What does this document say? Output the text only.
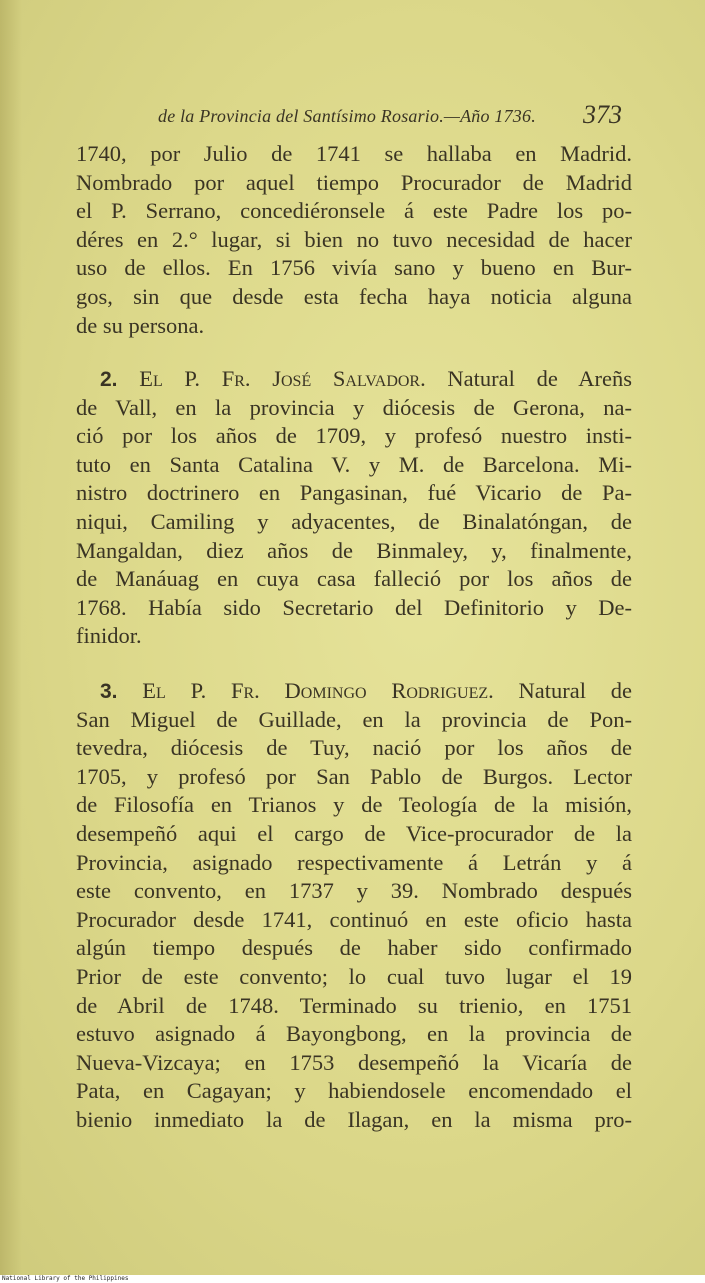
de la Provincia del Santísimo Rosario.—Año 1736. 373
1740, por Julio de 1741 se hallaba en Madrid.
Nombrado por aquel tiempo Procurador de Madrid
el P. Serrano, concediéronsele á este Padre los po-
déres en 2.° lugar, si bien no tuvo necesidad de hacer
uso de ellos. En 1756 vivía sano y bueno en Bur-
gos, sin que desde esta fecha haya noticia alguna
de su persona.
2. El P. Fr. José Salvador. Natural de Areñs
de Vall, en la provincia y diócesis de Gerona, na-
ció por los años de 1709, y profesó nuestro insti-
tuto en Santa Catalina V. y M. de Barcelona. Mi-
nistro doctrinero en Pangasinan, fué Vicario de Pa-
niqui, Camiling y adyacentes, de Binalatóngan, de
Mangaldan, diez años de Binmaley, y, finalmente,
de Manáuag en cuya casa falleció por los años de
1768. Había sido Secretario del Definitorio y De-
finidor.
3. El P. Fr. Domingo Rodriguez. Natural de
San Miguel de Guillade, en la provincia de Pon-
tevedra, diócesis de Tuy, nació por los años de
1705, y profesó por San Pablo de Burgos. Lector
de Filosofía en Trianos y de Teología de la misión,
desempeñó aqui el cargo de Vice-procurador de la
Provincia, asignado respectivamente á Letrán y á
este convento, en 1737 y 39. Nombrado después
Procurador desde 1741, continuó en este oficio hasta
algún tiempo después de haber sido confirmado
Prior de este convento; lo cual tuvo lugar el 19
de Abril de 1748. Terminado su trienio, en 1751
estuvo asignado á Bayongbong, en la provincia de
Nueva-Vizcaya; en 1753 desempeñó la Vicaría de
Pata, en Cagayan; y habiendosele encomendado el
bienio inmediato la de Ilagan, en la misma pro-
National Library of the Philippines
